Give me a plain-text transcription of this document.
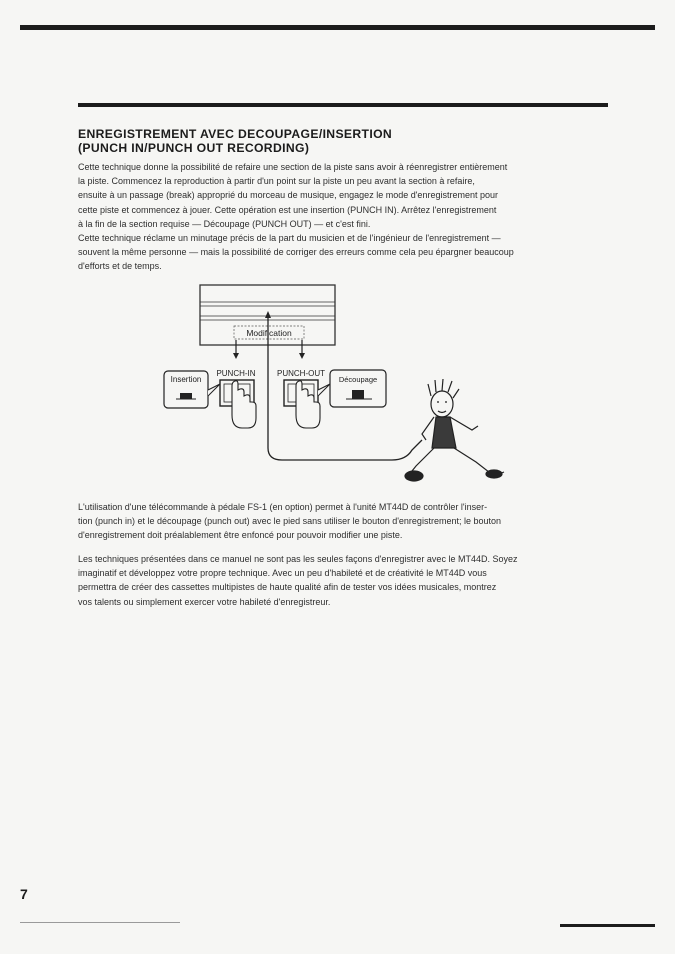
ENREGISTREMENT AVEC DECOUPAGE/INSERTION
(PUNCH IN/PUNCH OUT RECORDING)

Cette technique donne la possibilité de refaire une section de la piste sans avoir à réenregistrer entièrement
la piste. Commencez la reproduction à partir d'un point sur la piste un peu avant la section à refaire,
ensuite à un passage (break) approprié du morceau de musique, engagez le mode d'enregistrement pour
cette piste et commencez à jouer. Cette opération est une insertion (PUNCH IN). Arrêtez l'enregistrement
à la fin de la section requise — Découpage (PUNCH OUT) — et c'est fini.
Cette technique réclame un minutage précis de la part du musicien et de l'ingénieur de l'enregistrement —
souvent la même personne — mais la possibilité de corriger des erreurs comme cela peu épargner beaucoup
d'efforts et de temps.

Modification
PUNCH-IN	PUNCH-OUT
Insertion	Découpage

L'utilisation d'une télécommande à pédale FS-1 (en option) permet à l'unité MT44D de contrôler l'inser-
tion (punch in) et le découpage (punch out) avec le pied sans utiliser le bouton d'enregistrement; le bouton
d'enregistrement doit préalablement être enfoncé pour pouvoir modifier une piste.

Les techniques présentées dans ce manuel ne sont pas les seules façons d'enregistrer avec le MT44D. Soyez
imaginatif et développez votre propre technique. Avec un peu d'habileté et de créativité le MT44D vous
permettra de créer des cassettes multipistes de haute qualité afin de tester vos idées musicales, montrez
vos talents ou simplement exercer votre habileté d'enregistreur.

7
